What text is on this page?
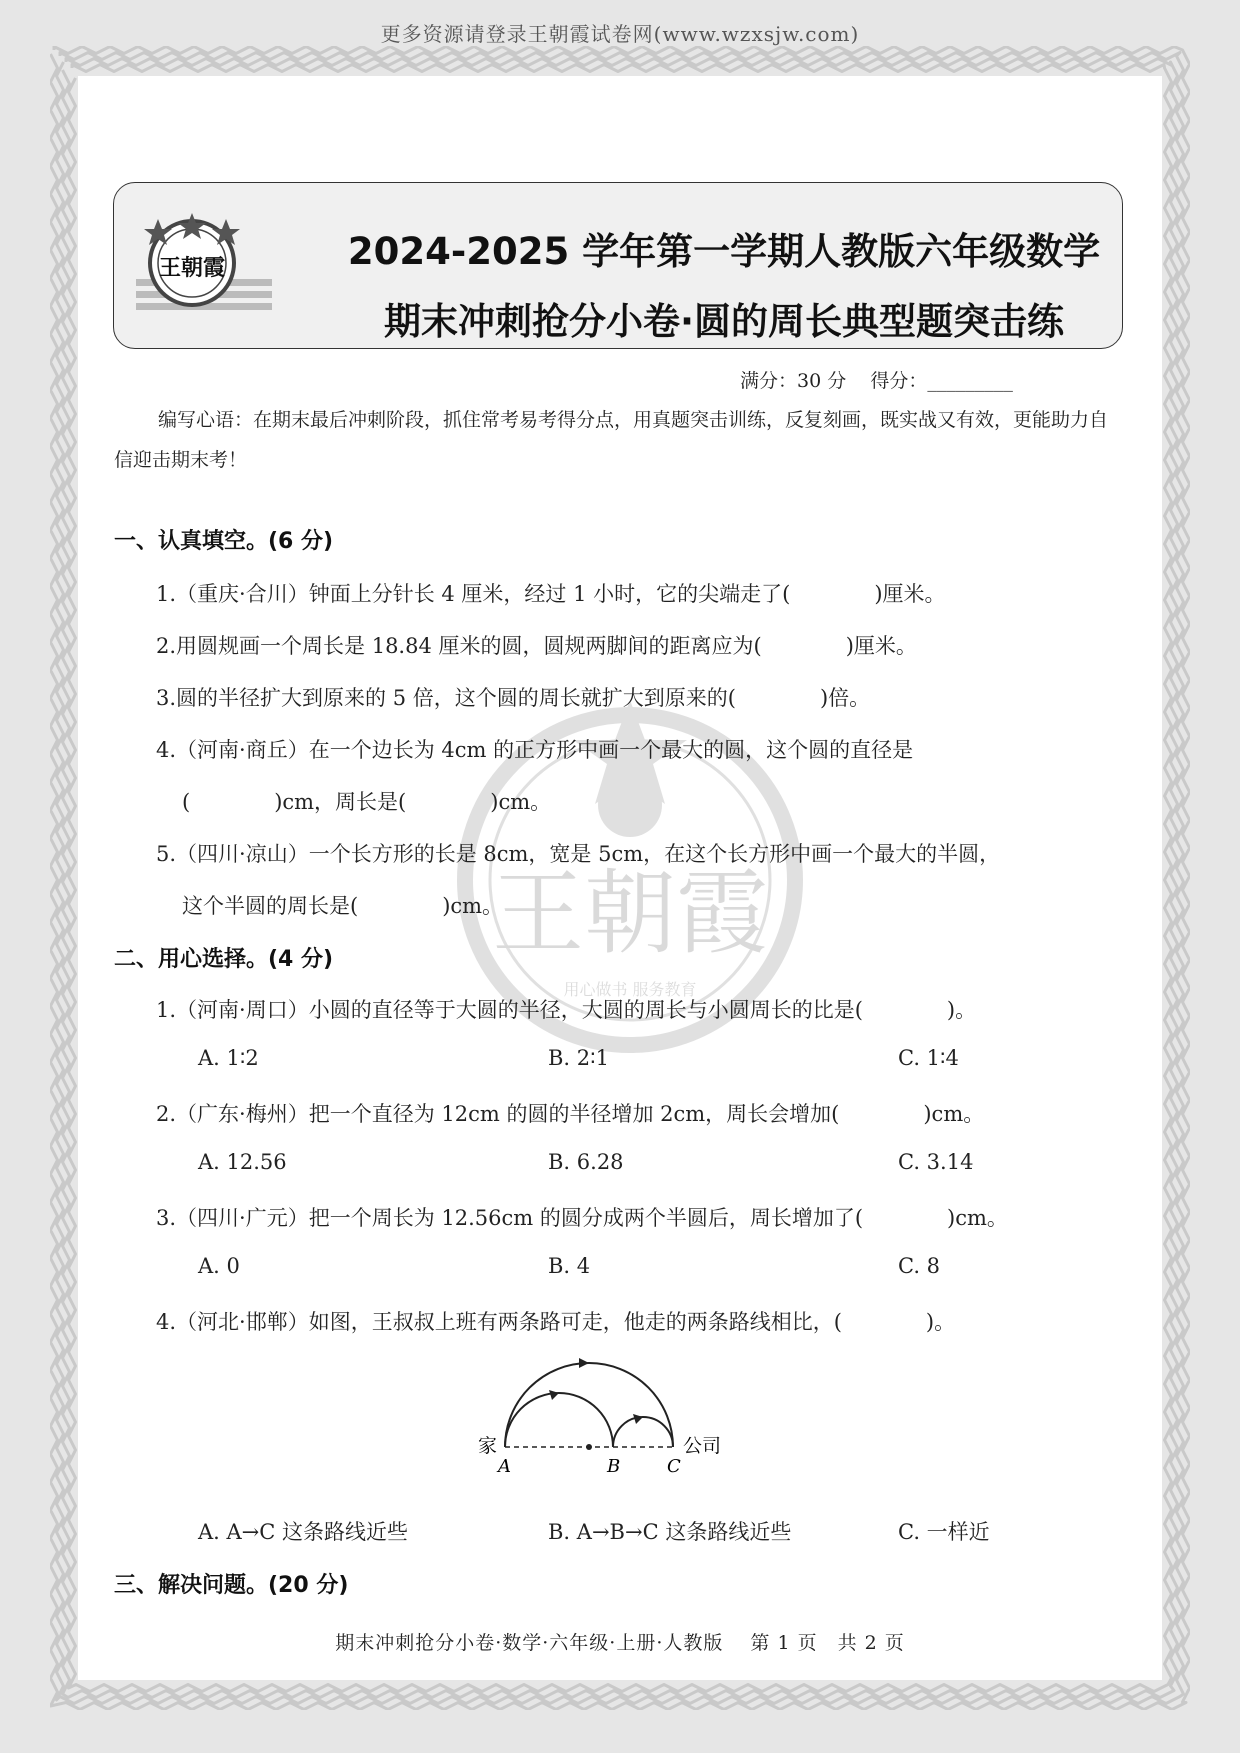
更多资源请登录王朝霞试卷网(www.wzxsjw.com)
王朝霞	2024-2025 学年第一学期人教版六年级数学
期末冲刺抢分小卷·圆的周长典型题突击练
满分：30 分    得分：_________
编写心语：在期末最后冲刺阶段，抓住常考易考得分点，用真题突击训练，反复刻画，既实战又有效，更能助力自信迎击期末考！
一、认真填空。(6 分)
1.（重庆·合川）钟面上分针长 4 厘米，经过 1 小时，它的尖端走了(　　　　)厘米。
2.用圆规画一个周长是 18.84 厘米的圆，圆规两脚间的距离应为(　　　　)厘米。
3.圆的半径扩大到原来的 5 倍，这个圆的周长就扩大到原来的(　　　　)倍。
4.（河南·商丘）在一个边长为 4cm 的正方形中画一个最大的圆，这个圆的直径是
(　　　　)cm，周长是(　　　　)cm。
5.（四川·凉山）一个长方形的长是 8cm，宽是 5cm，在这个长方形中画一个最大的半圆，
这个半圆的周长是(　　　　)cm。
二、用心选择。(4 分)
1.（河南·周口）小圆的直径等于大圆的半径，大圆的周长与小圆周长的比是(　　　　)。
A. 1∶2	B. 2∶1	C. 1∶4
2.（广东·梅州）把一个直径为 12cm 的圆的半径增加 2cm，周长会增加(　　　　)cm。
A. 12.56	B. 6.28	C. 3.14
3.（四川·广元）把一个周长为 12.56cm 的圆分成两个半圆后，周长增加了(　　　　)cm。
A. 0	B. 4	C. 8
4.（河北·邯郸）如图，王叔叔上班有两条路可走，他走的两条路线相比，(　　　　)。
家	公司
A	B	C
A. A→C 这条路线近些	B. A→B→C 这条路线近些	C. 一样近
三、解决问题。(20 分)
期末冲刺抢分小卷·数学·六年级·上册·人教版　 第 1 页　共 2 页
